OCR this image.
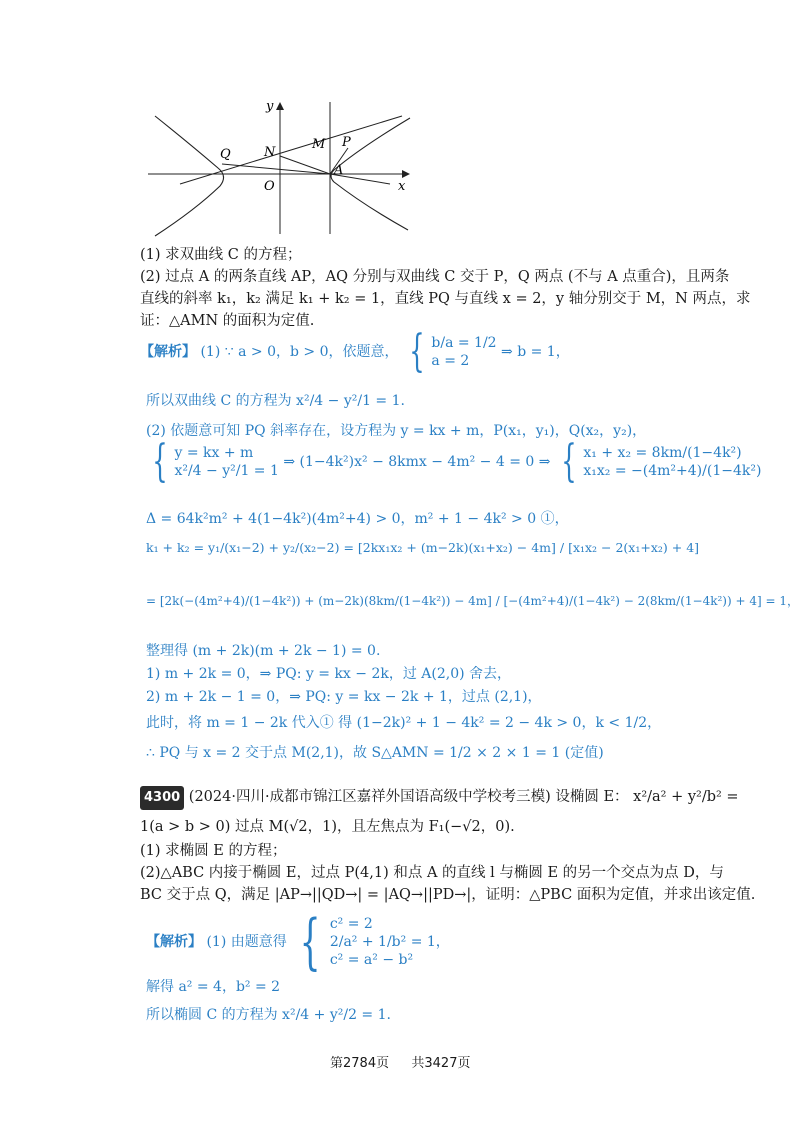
y
x
O
N
M P
Q
A
(1) 求双曲线 C 的方程；
(2) 过点 A 的两条直线 AP，AQ 分别与双曲线 C 交于 P，Q 两点 (不与 A 点重合)，且两条
直线的斜率 k₁，k₂ 满足 k₁ + k₂ = 1，直线 PQ 与直线 x = 2，y 轴分别交于 M，N 两点，求
证：△AMN 的面积为定值.
【解析】 (1) ∵ a > 0，b > 0，依题意， { b/a = 1/2
a = 2
⇒ b = 1，
所以双曲线 C 的方程为 x²/4 − y²/1 = 1.
(2) 依题意可知 PQ 斜率存在，设方程为 y = kx + m，P(x₁，y₁)，Q(x₂，y₂)，
{ y = kx + m
x²/4 − y²/1 = 1
⇒ (1−4k²)x² − 8kmx − 4m² − 4 = 0 ⇒ { x₁ + x₂ = 8km/(1−4k²)
x₁x₂ = −(4m²+4)/(1−4k²)
Δ = 64k²m² + 4(1−4k²)(4m²+4) > 0，m² + 1 − 4k² > 0 ①，
k₁ + k₂ = y₁/(x₁−2) + y₂/(x₂−2) = [2kx₁x₂ + (m−2k)(x₁+x₂) − 4m] / [x₁x₂ − 2(x₁+x₂) + 4]
= [2k(−(4m²+4)/(1−4k²)) + (m−2k)(8km/(1−4k²)) − 4m] / [−(4m²+4)/(1−4k²) − 2(8km/(1−4k²)) + 4] = 1，
整理得 (m + 2k)(m + 2k − 1) = 0.
1) m + 2k = 0，⇒ PQ: y = kx − 2k，过 A(2,0) 舍去，
2) m + 2k − 1 = 0，⇒ PQ: y = kx − 2k + 1，过点 (2,1)，
此时，将 m = 1 − 2k 代入① 得 (1−2k)² + 1 − 4k² = 2 − 4k > 0，k < 1/2，
∴ PQ 与 x = 2 交于点 M(2,1)，故 S△AMN = 1/2 × 2 × 1 = 1 (定值)
4300 (2024·四川·成都市锦江区嘉祥外国语高级中学校考三模) 设椭圆 E： x²/a² + y²/b² =
1(a > b > 0) 过点 M(√2，1)，且左焦点为 F₁(−√2，0).
(1) 求椭圆 E 的方程；
(2)△ABC 内接于椭圆 E，过点 P(4,1) 和点 A 的直线 l 与椭圆 E 的另一个交点为点 D，与
BC 交于点 Q，满足 |AP→||QD→| = |AQ→||PD→|，证明：△PBC 面积为定值，并求出该定值.
【解析】 (1) 由题意得 { c² = 2
2/a² + 1/b² = 1，
c² = a² − b²
解得 a² = 4，b² = 2
所以椭圆 C 的方程为 x²/4 + y²/2 = 1.
第2784页 共3427页
